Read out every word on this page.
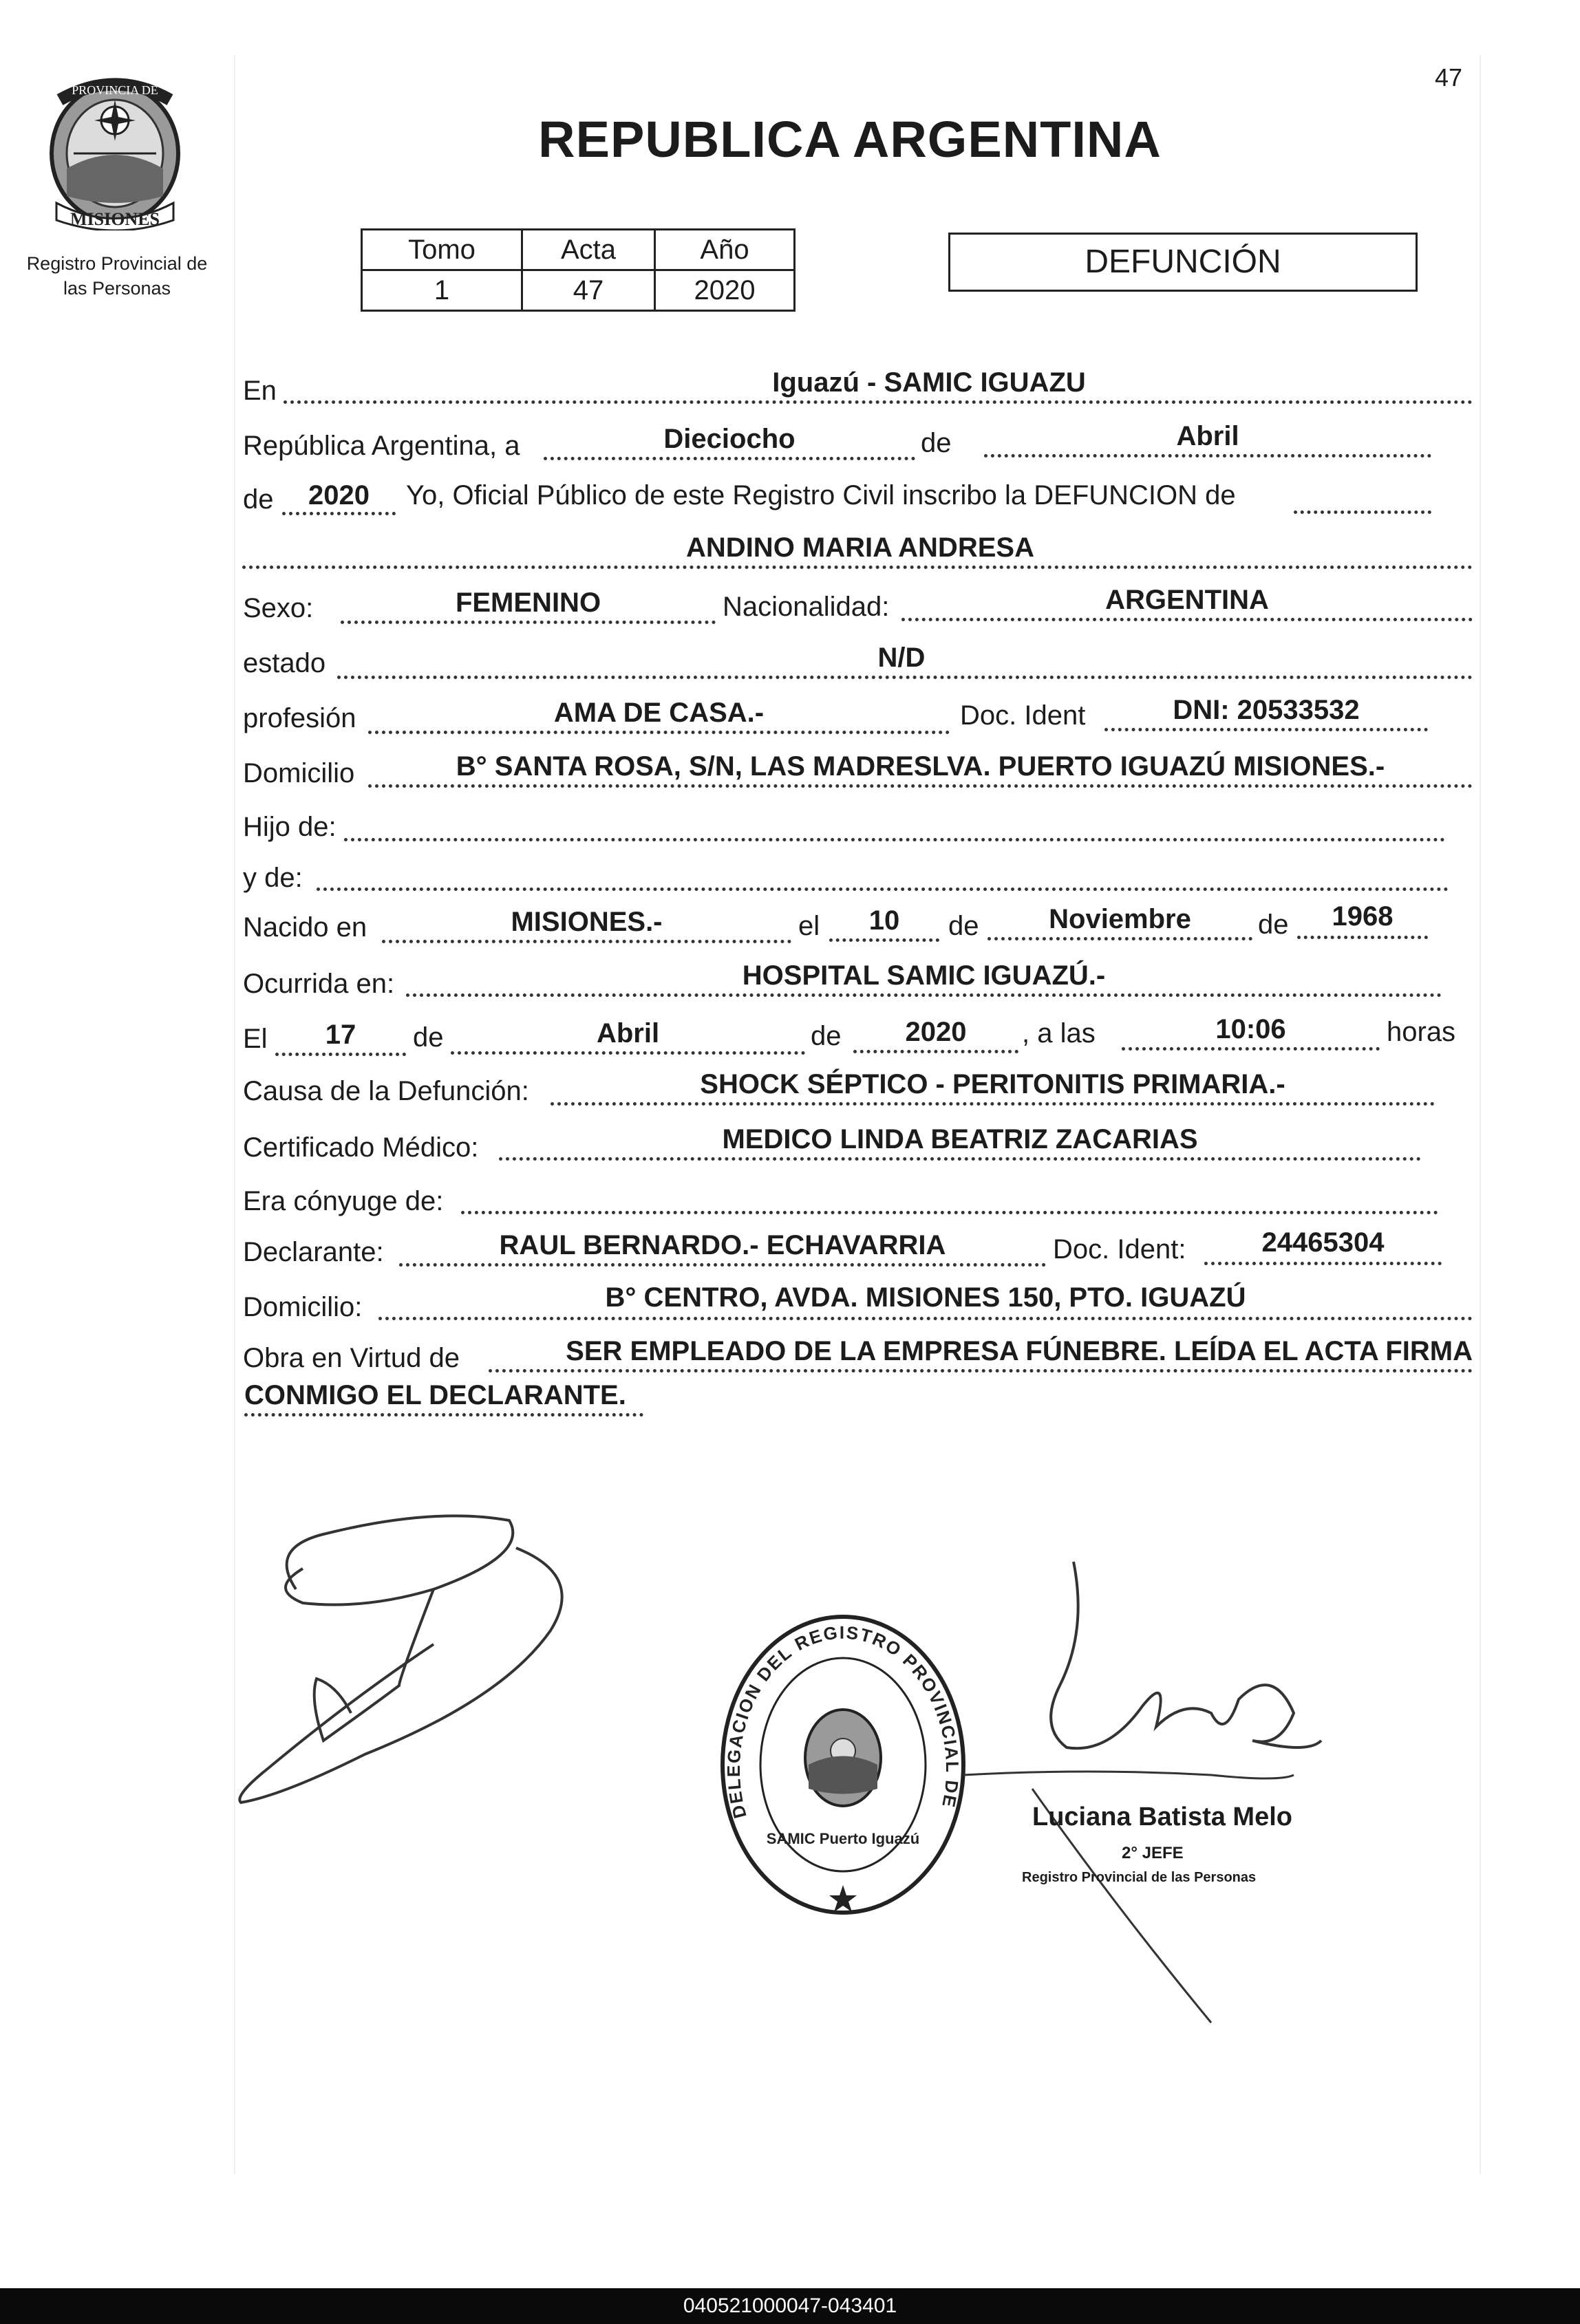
PROVINCIA DE
MISIONES
Registro Provincial de
las Personas
47
REPUBLICA ARGENTINA
Tomo	Acta	Año
1	47	2020
DEFUNCIÓN
En	Iguazú - SAMIC IGUAZU
República Argentina, a	Dieciocho	de	Abril
de	2020	Yo, Oficial Público de este Registro Civil inscribo la DEFUNCION de
ANDINO MARIA ANDRESA
Sexo:	FEMENINO	Nacionalidad:	ARGENTINA
estado	N/D
profesión	AMA DE CASA.-	Doc. Ident	DNI: 20533532
Domicilio	B° SANTA ROSA, S/N, LAS MADRESLVA. PUERTO IGUAZÚ MISIONES.-
Hijo de:
y de:
Nacido en	MISIONES.-	el	10	de	Noviembre	de	1968
Ocurrida en:	HOSPITAL SAMIC IGUAZÚ.-
El	17	de	Abril	de	2020	, a las	10:06	horas
Causa de la Defunción:	SHOCK SÉPTICO - PERITONITIS PRIMARIA.-
Certificado Médico:	MEDICO LINDA BEATRIZ ZACARIAS
Era cónyuge de:
Declarante:	RAUL BERNARDO.- ECHAVARRIA	Doc. Ident:	24465304
Domicilio:	B° CENTRO, AVDA. MISIONES 150, PTO. IGUAZÚ
Obra en Virtud de	SER EMPLEADO DE LA EMPRESA FÚNEBRE. LEÍDA EL ACTA FIRMA
CONMIGO EL DECLARANTE.
DELEGACION DEL REGISTRO PROVINCIAL DE
SAMIC Puerto Iguazú
Luciana Batista Melo
2° JEFE
Registro Provincial de las Personas
040521000047-043401
